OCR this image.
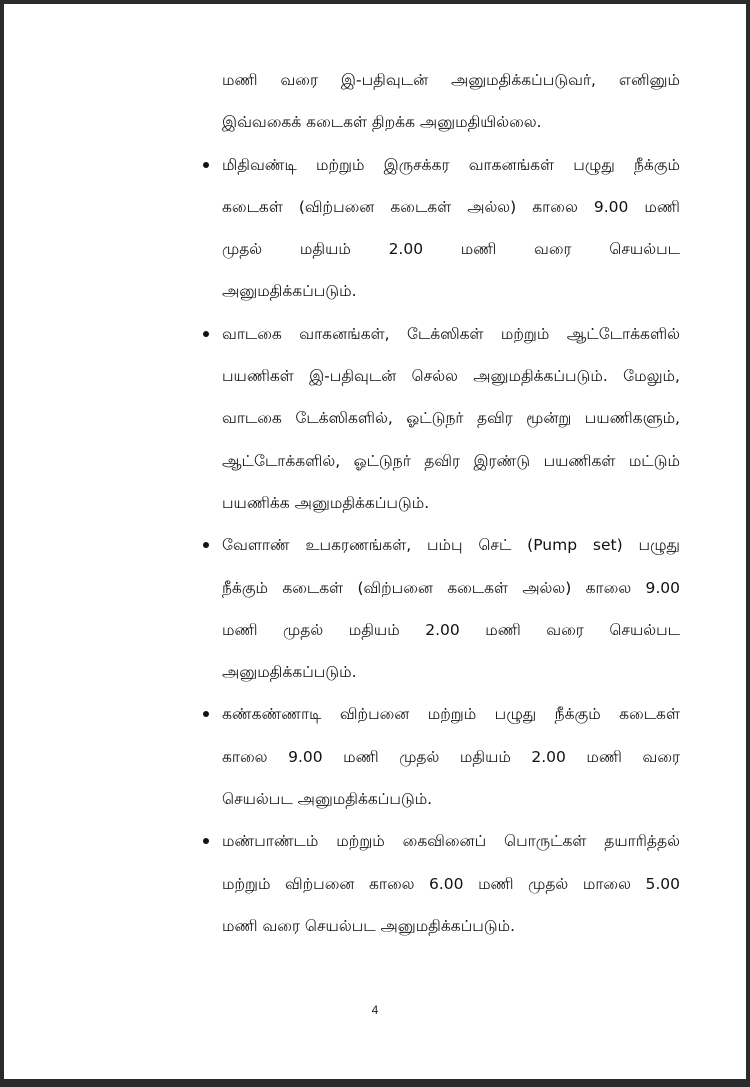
மணி வரை இ-பதிவுடன் அனுமதிக்கப்படுவர், எனினும்
இவ்வகைக் கடைகள் திறக்க அனுமதியில்லை.
மிதிவண்டி மற்றும் இருசக்கர வாகனங்கள் பழுது நீக்கும்
கடைகள் (விற்பனை கடைகள் அல்ல) காலை 9.00 மணி
முதல் மதியம் 2.00 மணி வரை செயல்பட
அனுமதிக்கப்படும்.
வாடகை வாகனங்கள், டேக்ஸிகள் மற்றும் ஆட்டோக்களில்
பயணிகள் இ-பதிவுடன் செல்ல அனுமதிக்கப்படும். மேலும்,
வாடகை டேக்ஸிகளில், ஓட்டுநர் தவிர மூன்று பயணிகளும்,
ஆட்டோக்களில், ஓட்டுநர் தவிர இரண்டு பயணிகள் மட்டும்
பயணிக்க அனுமதிக்கப்படும்.
வேளாண் உபகரணங்கள், பம்பு செட் (Pump set) பழுது
நீக்கும் கடைகள் (விற்பனை கடைகள் அல்ல) காலை 9.00
மணி முதல் மதியம் 2.00 மணி வரை செயல்பட
அனுமதிக்கப்படும்.
கண்கண்ணாடி விற்பனை மற்றும் பழுது நீக்கும் கடைகள்
காலை 9.00 மணி முதல் மதியம் 2.00 மணி வரை
செயல்பட அனுமதிக்கப்படும்.
மண்பாண்டம் மற்றும் கைவினைப் பொருட்கள் தயாரித்தல்
மற்றும் விற்பனை காலை 6.00 மணி முதல் மாலை 5.00
மணி வரை செயல்பட அனுமதிக்கப்படும்.
4
